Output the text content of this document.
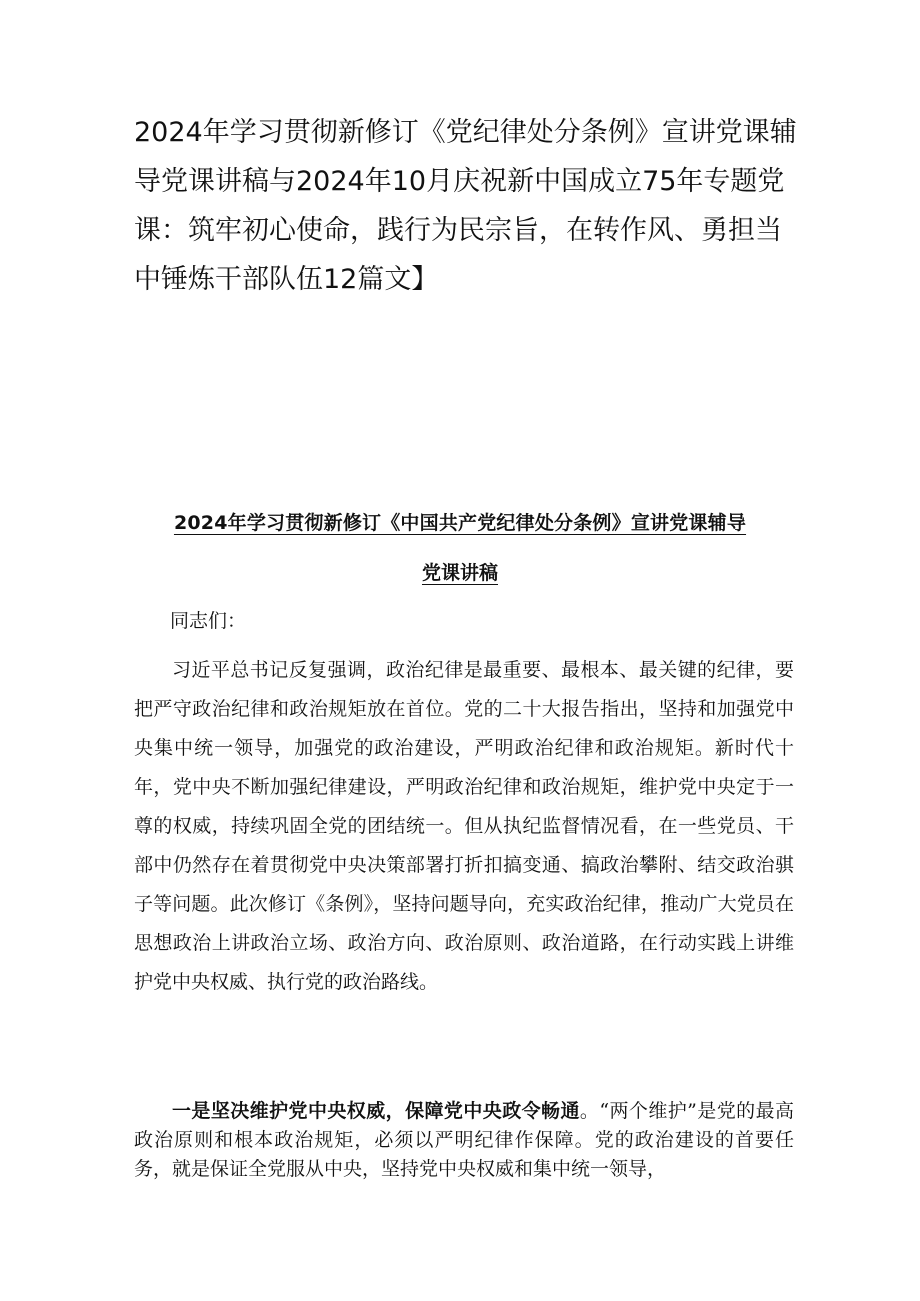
2024年学习贯彻新修订《党纪律处分条例》宣讲党课辅导党课讲稿与2024年10月庆祝新中国成立75年专题党课：筑牢初心使命，践行为民宗旨，在转作风、勇担当中锤炼干部队伍12篇文】
2024年学习贯彻新修订《中国共产党纪律处分条例》宣讲党课辅导
党课讲稿
同志们：

习近平总书记反复强调，政治纪律是最重要、最根本、最关键的纪律，要把严守政治纪律和政治规矩放在首位。党的二十大报告指出，坚持和加强党中央集中统一领导，加强党的政治建设，严明政治纪律和政治规矩。新时代十年，党中央不断加强纪律建设，严明政治纪律和政治规矩，维护党中央定于一尊的权威，持续巩固全党的团结统一。但从执纪监督情况看，在一些党员、干部中仍然存在着贯彻党中央决策部署打折扣搞变通、搞政治攀附、结交政治骐子等问题。此次修订《条例》，坚持问题导向，充实政治纪律，推动广大党员在思想政治上讲政治立场、政治方向、政治原则、政治道路，在行动实践上讲维护党中央权威、执行党的政治路线。

一是坚决维护党中央权威，保障党中央政令畅通。“两个维护”是党的最高政治原则和根本政治规矩，必须以严明纪律作保障。党的政治建设的首要任务，就是保证全党服从中央，坚持党中央权威和集中统一领导，
